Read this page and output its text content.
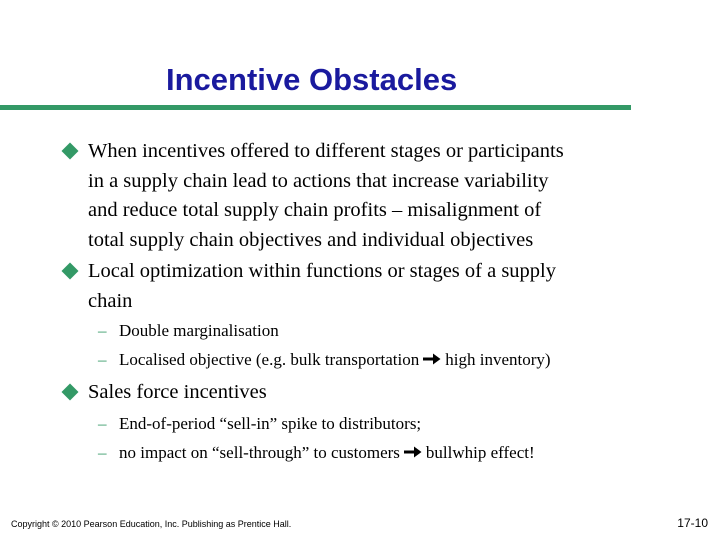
Incentive Obstacles
When incentives offered to different stages or participants
in a supply chain lead to actions that increase variability
and reduce total supply chain profits – misalignment of
total supply chain objectives and individual objectives
Local optimization within functions or stages of a supply
chain
– Double marginalisation
– Localised objective (e.g. bulk transportation high inventory)
Sales force incentives
– End-of-period “sell-in” spike to distributors;
– no impact on “sell-through” to customers bullwhip effect!
Copyright © 2010 Pearson Education, Inc. Publishing as Prentice Hall.	17-10
